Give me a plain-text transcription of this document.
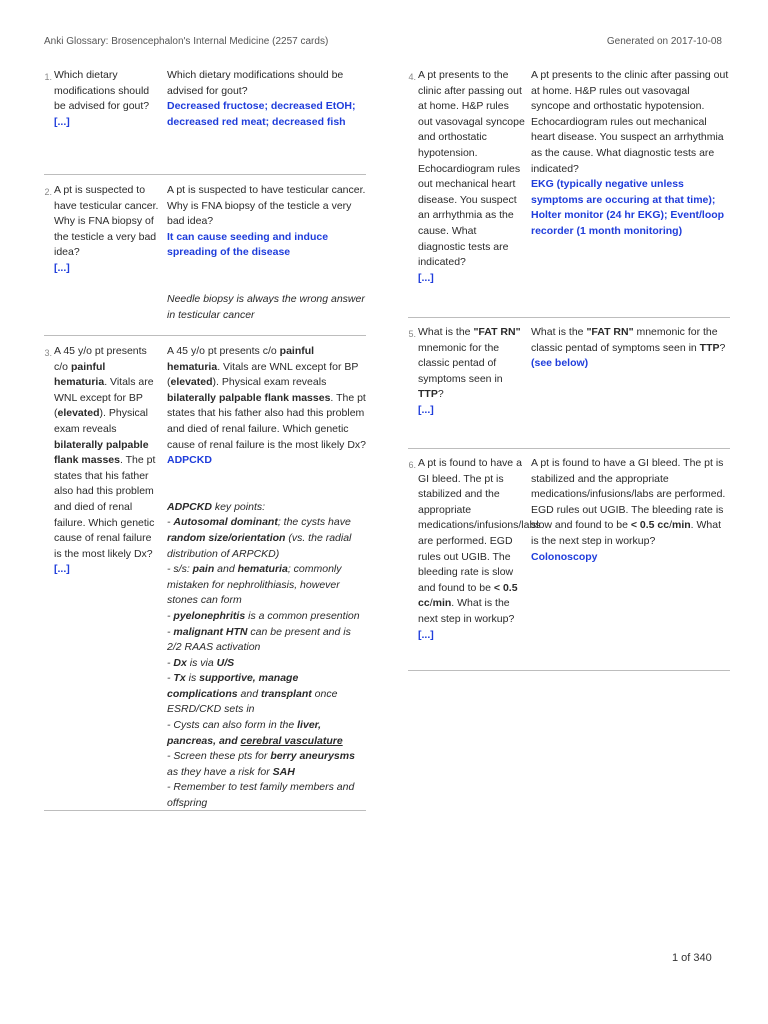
Anki Glossary: Brosencephalon's Internal Medicine (2257 cards)	Generated on 2017-10-08
1. Which dietary modifications should be advised for gout?
[...]
Which dietary modifications should be advised for gout?
Decreased fructose; decreased EtOH; decreased red meat; decreased fish
2. A pt is suspected to have testicular cancer. Why is FNA biopsy of the testicle a very bad idea?
[...]
A pt is suspected to have testicular cancer. Why is FNA biopsy of the testicle a very bad idea?
It can cause seeding and induce spreading of the disease

Needle biopsy is always the wrong answer in testicular cancer

3. A 45 y/o pt presents c/o painful hematuria. Vitals are WNL except for BP (elevated). Physical exam reveals bilaterally palpable flank masses. The pt states that his father also had this problem and died of renal failure. Which genetic cause of renal failure is the most likely Dx?
[...]
A 45 y/o pt presents c/o painful hematuria. Vitals are WNL except for BP (elevated). Physical exam reveals bilaterally palpable flank masses. The pt states that his father also had this problem and died of renal failure. Which genetic cause of renal failure is the most likely Dx?
ADPCKD

ADPCKD key points:

- Autosomal dominant; the cysts have random size/orientation (vs. the radial distribution of ARPCKD)

- s/s: pain and hematuria; commonly mistaken for nephrolithiasis, however stones can form

- pyelonephritis is a common presention

- malignant HTN can be present and is 2/2 RAAS activation

- Dx is via U/S

- Tx is supportive, manage complications and transplant once ESRD/CKD sets in

- Cysts can also form in the liver, pancreas, and cerebral vasculature

- Screen these pts for berry aneurysms as they have a risk for SAH

- Remember to test family members and offspring

4. A pt presents to the clinic after passing out at home. H&P rules out vasovagal syncope and orthostatic hypotension. Echocardiogram rules out mechanical heart disease. You suspect an arrhythmia as the cause. What diagnostic tests are indicated?
[...]
A pt presents to the clinic after passing out at home. H&P rules out vasovagal syncope and orthostatic hypotension. Echocardiogram rules out mechanical heart disease. You suspect an arrhythmia as the cause. What diagnostic tests are indicated?
EKG (typically negative unless symptoms are occuring at that time); Holter monitor (24 hr EKG); Event/loop recorder (1 month monitoring)
5. What is the "FAT RN" mnemonic for the classic pentad of symptoms seen in TTP?
[...]
What is the "FAT RN" mnemonic for the classic pentad of symptoms seen in TTP?
(see below)
6. A pt is found to have a GI bleed. The pt is stabilized and the appropriate medications/infusions/labs are performed. EGD rules out UGIB. The bleeding rate is slow and found to be < 0.5 cc/min. What is the next step in workup?
[...]
A pt is found to have a GI bleed. The pt is stabilized and the appropriate medications/infusions/labs are performed. EGD rules out UGIB. The bleeding rate is slow and found to be < 0.5 cc/min. What is the next step in workup?
Colonoscopy
1 of 340
